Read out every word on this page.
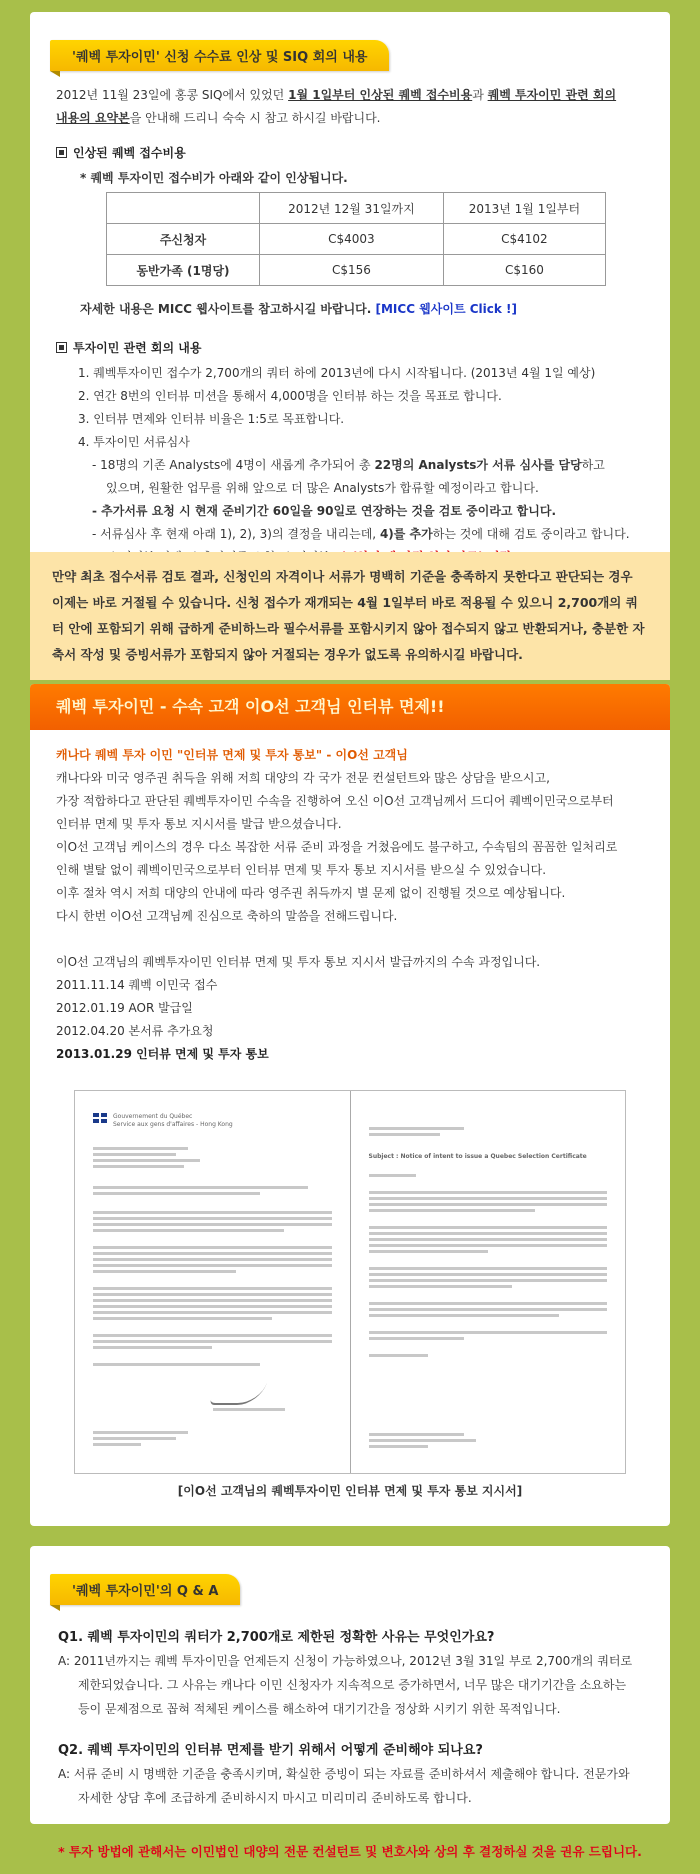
'퀘벡 투자이민' 신청 수수료 인상 및 SIQ 회의 내용

2012년 11월 23일에 홍콩 SIQ에서 있었던 1월 1일부터 인상된 퀘벡 접수비용과 퀘벡 투자이민 관련 회의
내용의 요약본을 안내해 드리니 숙숙 시 참고 하시길 바랍니다.

인상된 퀘벡 접수비용

* 퀘벡 투자이민 접수비가 아래와 같이 인상됩니다.

	2012년 12월 31일까지	2013년 1월 1일부터
주신청자	C$4003	C$4102
동반가족 (1명당)	C$156	C$160

자세한 내용은 MICC 웹사이트를 참고하시길 바랍니다. [MICC 웹사이트 Click !]

투자이민 관련 회의 내용

1. 퀘벡투자이민 접수가 2,700개의 쿼터 하에 2013년에 다시 시작됩니다. (2013년 4월 1일 예상)

2. 연간 8번의 인터뷰 미션을 통해서 4,000명을 인터뷰 하는 것을 목표로 합니다.

3. 인터뷰 면제와 인터뷰 비율은 1:5로 목표합니다.

4. 투자이민 서류심사

- 18명의 기존 Analysts에 4명이 새롭게 추가되어 총 22명의 Analysts가 서류 심사를 담당하고

있으며, 원활한 업무를 위해 앞으로 더 많은 Analysts가 합류할 예정이라고 합니다.

- 추가서류 요청 시 현재 준비기간 60일을 90일로 연장하는 것을 검토 중이라고 합니다.

- 서류심사 후 현재 아래 1), 2), 3)의 결정을 내리는데, 4)를 추가하는 것에 대해 검토 중이라고 합니다.

만약 최초 접수서류 검토 결과, 신청인의 자격이나 서류가 명백히 기준을 충족하지 못한다고 판단되는 경우 이제는 바로 거절될 수 있습니다. 신청 접수가 재개되는 4월 1일부터 바로 적용될 수 있으니 2,700개의 쿼터 안에 포함되기 위해 급하게 준비하느라 필수서류를 포함시키지 않아 접수되지 않고 반환되거나, 충분한 자축서 작성 및 증빙서류가 포함되지 않아 거절되는 경우가 없도록 유의하시길 바랍니다.
퀘벡 투자이민 - 수속 고객 이O선 고객님 인터뷰 면제!!

캐나다 퀘벡 투자 이민 "인터뷰 면제 및 투자 통보" - 이O선 고객님

캐나다와 미국 영주권 취득을 위해 저희 대양의 각 국가 전문 컨설턴트와 많은 상담을 받으시고,

가장 적합하다고 판단된 퀘벡투자이민 수속을 진행하여 오신 이O선 고객님께서 드디어 퀘벡이민국으로부터

인터뷰 면제 및 투자 통보 지시서를 발급 받으셨습니다.

이O선 고객님 케이스의 경우 다소 복잡한 서류 준비 과정을 거쳤음에도 불구하고, 수속팀의 꼼꼼한 일처리로

인해 별탈 없이 퀘벡이민국으로부터 인터뷰 면제 및 투자 통보 지시서를 받으실 수 있었습니다.

이후 절차 역시 저희 대양의 안내에 따라 영주권 취득까지 별 문제 없이 진행될 것으로 예상됩니다.

다시 한번 이O선 고객님께 진심으로 축하의 말씀을 전해드립니다.

이O선 고객님의 퀘벡투자이민 인터뷰 면제 및 투자 통보 지시서 발급까지의 수속 과정입니다.

2011.11.14 퀘벡 이민국 접수

2012.01.19 AOR 발급일

2012.04.20 본서류 추가요청

2013.01.29 인터뷰 면제 및 투자 통보

Gouvernement du Québec
Service aux gens d'affaires - Hong Kong
Subject : Notice of intent to issue a Quebec Selection Certificate
[이O선 고객님의 퀘벡투자이민 인터뷰 면제 및 투자 통보 지시서]
'퀘벡 투자이민'의 Q & A

Q1. 퀘벡 투자이민의 쿼터가 2,700개로 제한된 정확한 사유는 무엇인가요?

A: 2011년까지는 퀘벡 투자이민을 언제든지 신청이 가능하였으나, 2012년 3월 31일 부로 2,700개의 쿼터로

제한되었습니다. 그 사유는 캐나다 이민 신청자가 지속적으로 증가하면서, 너무 많은 대기기간을 소요하는

등이 문제점으로 꼽혀 적체된 케이스를 해소하여 대기기간을 정상화 시키기 위한 목적입니다.

Q2. 퀘벡 투자이민의 인터뷰 면제를 받기 위해서 어떻게 준비해야 되나요?

A: 서류 준비 시 명백한 기준을 충족시키며, 확실한 증빙이 되는 자료를 준비하셔서 제출해야 합니다. 전문가와

자세한 상담 후에 조급하게 준비하시지 마시고 미리미리 준비하도록 합니다.

* 투자 방법에 관해서는 이민법인 대양의 전문 컨설턴트 및 변호사와 상의 후 결정하실 것을 권유 드립니다.
